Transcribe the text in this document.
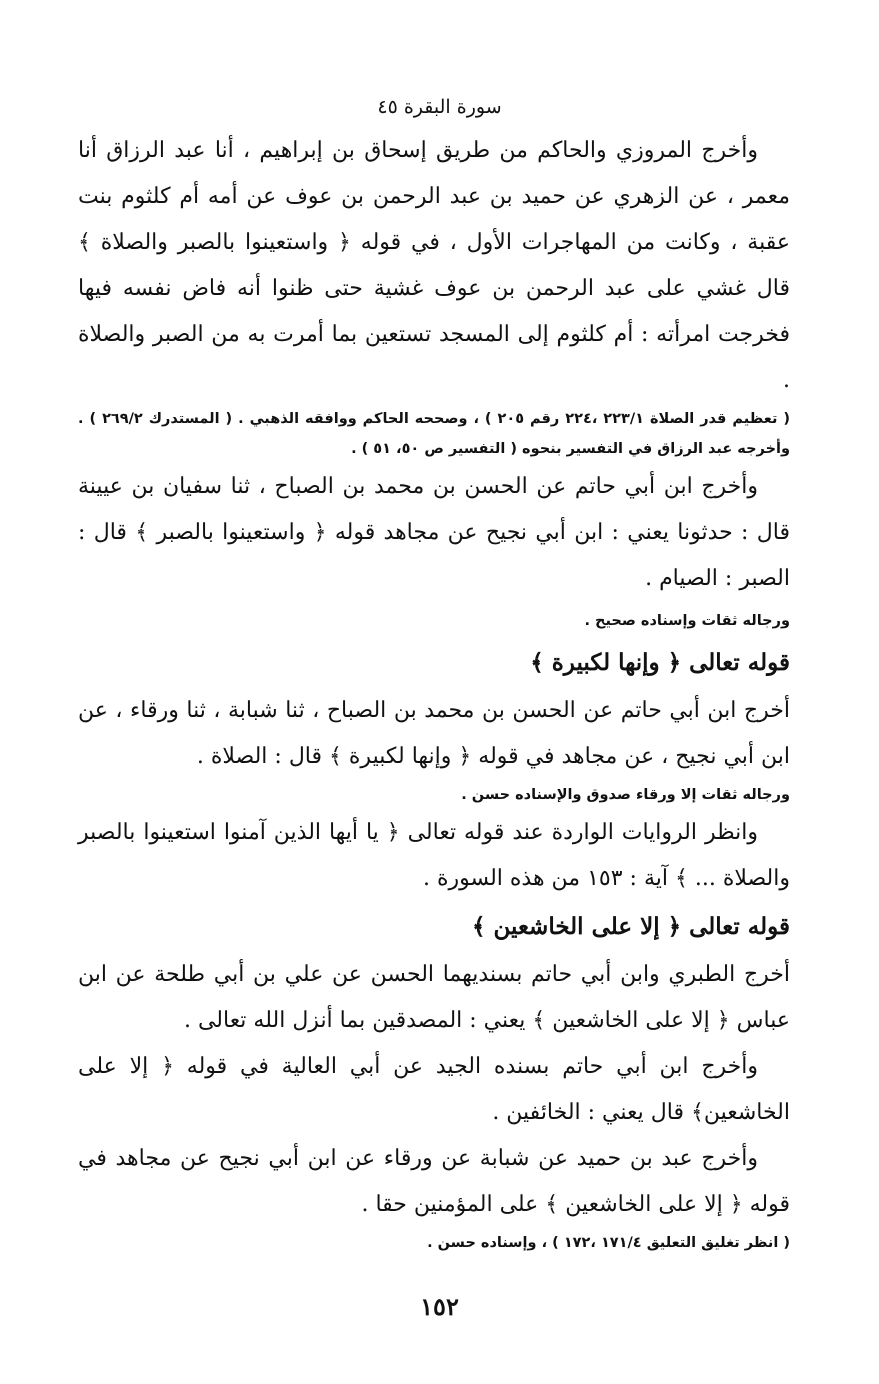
سورة البقرة ٤٥

وأخرج المروزي والحاكم من طريق إسحاق بن إبراهيم ، أنا عبد الرزاق أنا معمر ، عن الزهري عن حميد بن عبد الرحمن بن عوف عن أمه أم كلثوم بنت عقبة ، وكانت من المهاجرات الأول ، في قوله ﴿ واستعينوا بالصبر والصلاة ﴾ قال غشي على عبد الرحمن بن عوف غشية حتى ظنوا أنه فاض نفسه فيها فخرجت امرأته : أم كلثوم إلى المسجد تستعين بما أمرت به من الصبر والصلاة .

( تعظيم قدر الصلاة ٢٢٣/١ ،٢٢٤ رقم ٢٠٥ ) ، وصححه الحاكم ووافقه الذهبي . ( المستدرك ٢٦٩/٢ ) . وأخرجه عبد الرزاق في التفسير بنحوه ( التفسير ص ٥٠، ٥١ ) .

وأخرج ابن أبي حاتم عن الحسن بن محمد بن الصباح ، ثنا سفيان بن عيينة قال : حدثونا يعني : ابن أبي نجيح عن مجاهد قوله ﴿ واستعينوا بالصبر ﴾ قال : الصبر : الصيام .

ورجاله ثقات وإسناده صحيح .

قوله تعالى ﴿ وإنها لكبيرة ﴾

أخرج ابن أبي حاتم عن الحسن بن محمد بن الصباح ، ثنا شبابة ، ثنا ورقاء ، عن ابن أبي نجيح ، عن مجاهد في قوله ﴿ وإنها لكبيرة ﴾ قال : الصلاة .

ورجاله ثقات إلا ورقاء صدوق والإسناده حسن .

وانظر الروايات الواردة عند قوله تعالى ﴿ يا أيها الذين آمنوا استعينوا بالصبر والصلاة ... ﴾ آية : ١٥٣ من هذه السورة .

قوله تعالى ﴿ إلا على الخاشعين ﴾

أخرج الطبري وابن أبي حاتم بسنديهما الحسن عن علي بن أبي طلحة عن ابن عباس ﴿ إلا على الخاشعين ﴾ يعني : المصدقين بما أنزل الله تعالى .

وأخرج ابن أبي حاتم بسنده الجيد عن أبي العالية في قوله ﴿ إلا على الخاشعين﴾ قال يعني : الخائفين .

وأخرج عبد بن حميد عن شبابة عن ورقاء عن ابن أبي نجيح عن مجاهد في قوله ﴿ إلا على الخاشعين ﴾ على المؤمنين حقا .

( انظر تغليق التعليق ١٧١/٤ ،١٧٢ ) ، وإسناده حسن .

١٥٢
